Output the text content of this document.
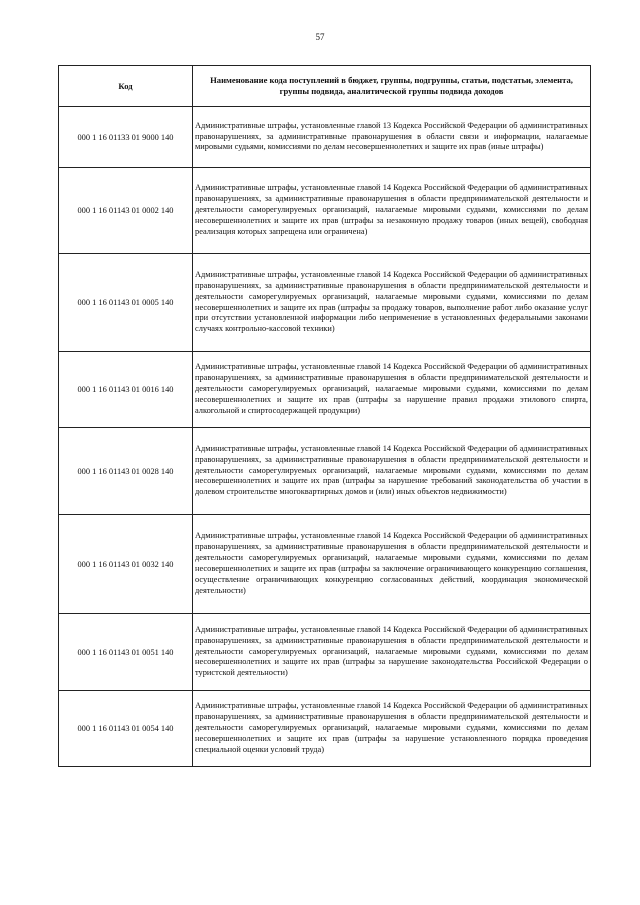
57
Код	Наименование кода поступлений в бюджет, группы, подгруппы, статьи, подстатьи, элемента, группы подвида, аналитической группы подвида доходов
000 1 16 01133 01 9000 140	Административные штрафы, установленные главой 13 Кодекса Российской Федерации об административных правонарушениях, за административные правонарушения в области связи и информации, налагаемые мировыми судьями, комиссиями по делам несовершеннолетних и защите их прав (иные штрафы)
000 1 16 01143 01 0002 140	Административные штрафы, установленные главой 14 Кодекса Российской Федерации об административных правонарушениях, за административные правонарушения в области предпринимательской деятельности и деятельности саморегулируемых организаций, налагаемые мировыми судьями, комиссиями по делам несовершеннолетних и защите их прав (штрафы за незаконную продажу товаров (иных вещей), свободная реализация которых запрещена или ограничена)
000 1 16 01143 01 0005 140	Административные штрафы, установленные главой 14 Кодекса Российской Федерации об административных правонарушениях, за административные правонарушения в области предпринимательской деятельности и деятельности саморегулируемых организаций, налагаемые мировыми судьями, комиссиями по делам несовершеннолетних и защите их прав (штрафы за продажу товаров, выполнение работ либо оказание услуг при отсутствии установленной информации либо неприменение в установленных федеральными законами случаях контрольно-кассовой техники)
000 1 16 01143 01 0016 140	Административные штрафы, установленные главой 14 Кодекса Российской Федерации об административных правонарушениях, за административные правонарушения в области предпринимательской деятельности и деятельности саморегулируемых организаций, налагаемые мировыми судьями, комиссиями по делам несовершеннолетних и защите их прав (штрафы за нарушение правил продажи этилового спирта, алкогольной и спиртосодержащей продукции)
000 1 16 01143 01 0028 140	Административные штрафы, установленные главой 14 Кодекса Российской Федерации об административных правонарушениях, за административные правонарушения в области предпринимательской деятельности и деятельности саморегулируемых организаций, налагаемые мировыми судьями, комиссиями по делам несовершеннолетних и защите их прав (штрафы за нарушение требований законодательства об участии в долевом строительстве многоквартирных домов и (или) иных объектов недвижимости)
000 1 16 01143 01 0032 140	Административные штрафы, установленные главой 14 Кодекса Российской Федерации об административных правонарушениях, за административные правонарушения в области предпринимательской деятельности и деятельности саморегулируемых организаций, налагаемые мировыми судьями, комиссиями по делам несовершеннолетних и защите их прав (штрафы за заключение ограничивающего конкуренцию соглашения, осуществление ограничивающих конкуренцию согласованных действий, координация экономической деятельности)
000 1 16 01143 01 0051 140	Административные штрафы, установленные главой 14 Кодекса Российской Федерации об административных правонарушениях, за административные правонарушения в области предпринимательской деятельности и деятельности саморегулируемых организаций, налагаемые мировыми судьями, комиссиями по делам несовершеннолетних и защите их прав (штрафы за нарушение законодательства Российской Федерации о туристской деятельности)
000 1 16 01143 01 0054 140	Административные штрафы, установленные главой 14 Кодекса Российской Федерации об административных правонарушениях, за административные правонарушения в области предпринимательской деятельности и деятельности саморегулируемых организаций, налагаемые мировыми судьями, комиссиями по делам несовершеннолетних и защите их прав (штрафы за нарушение установленного порядка проведения специальной оценки условий труда)
